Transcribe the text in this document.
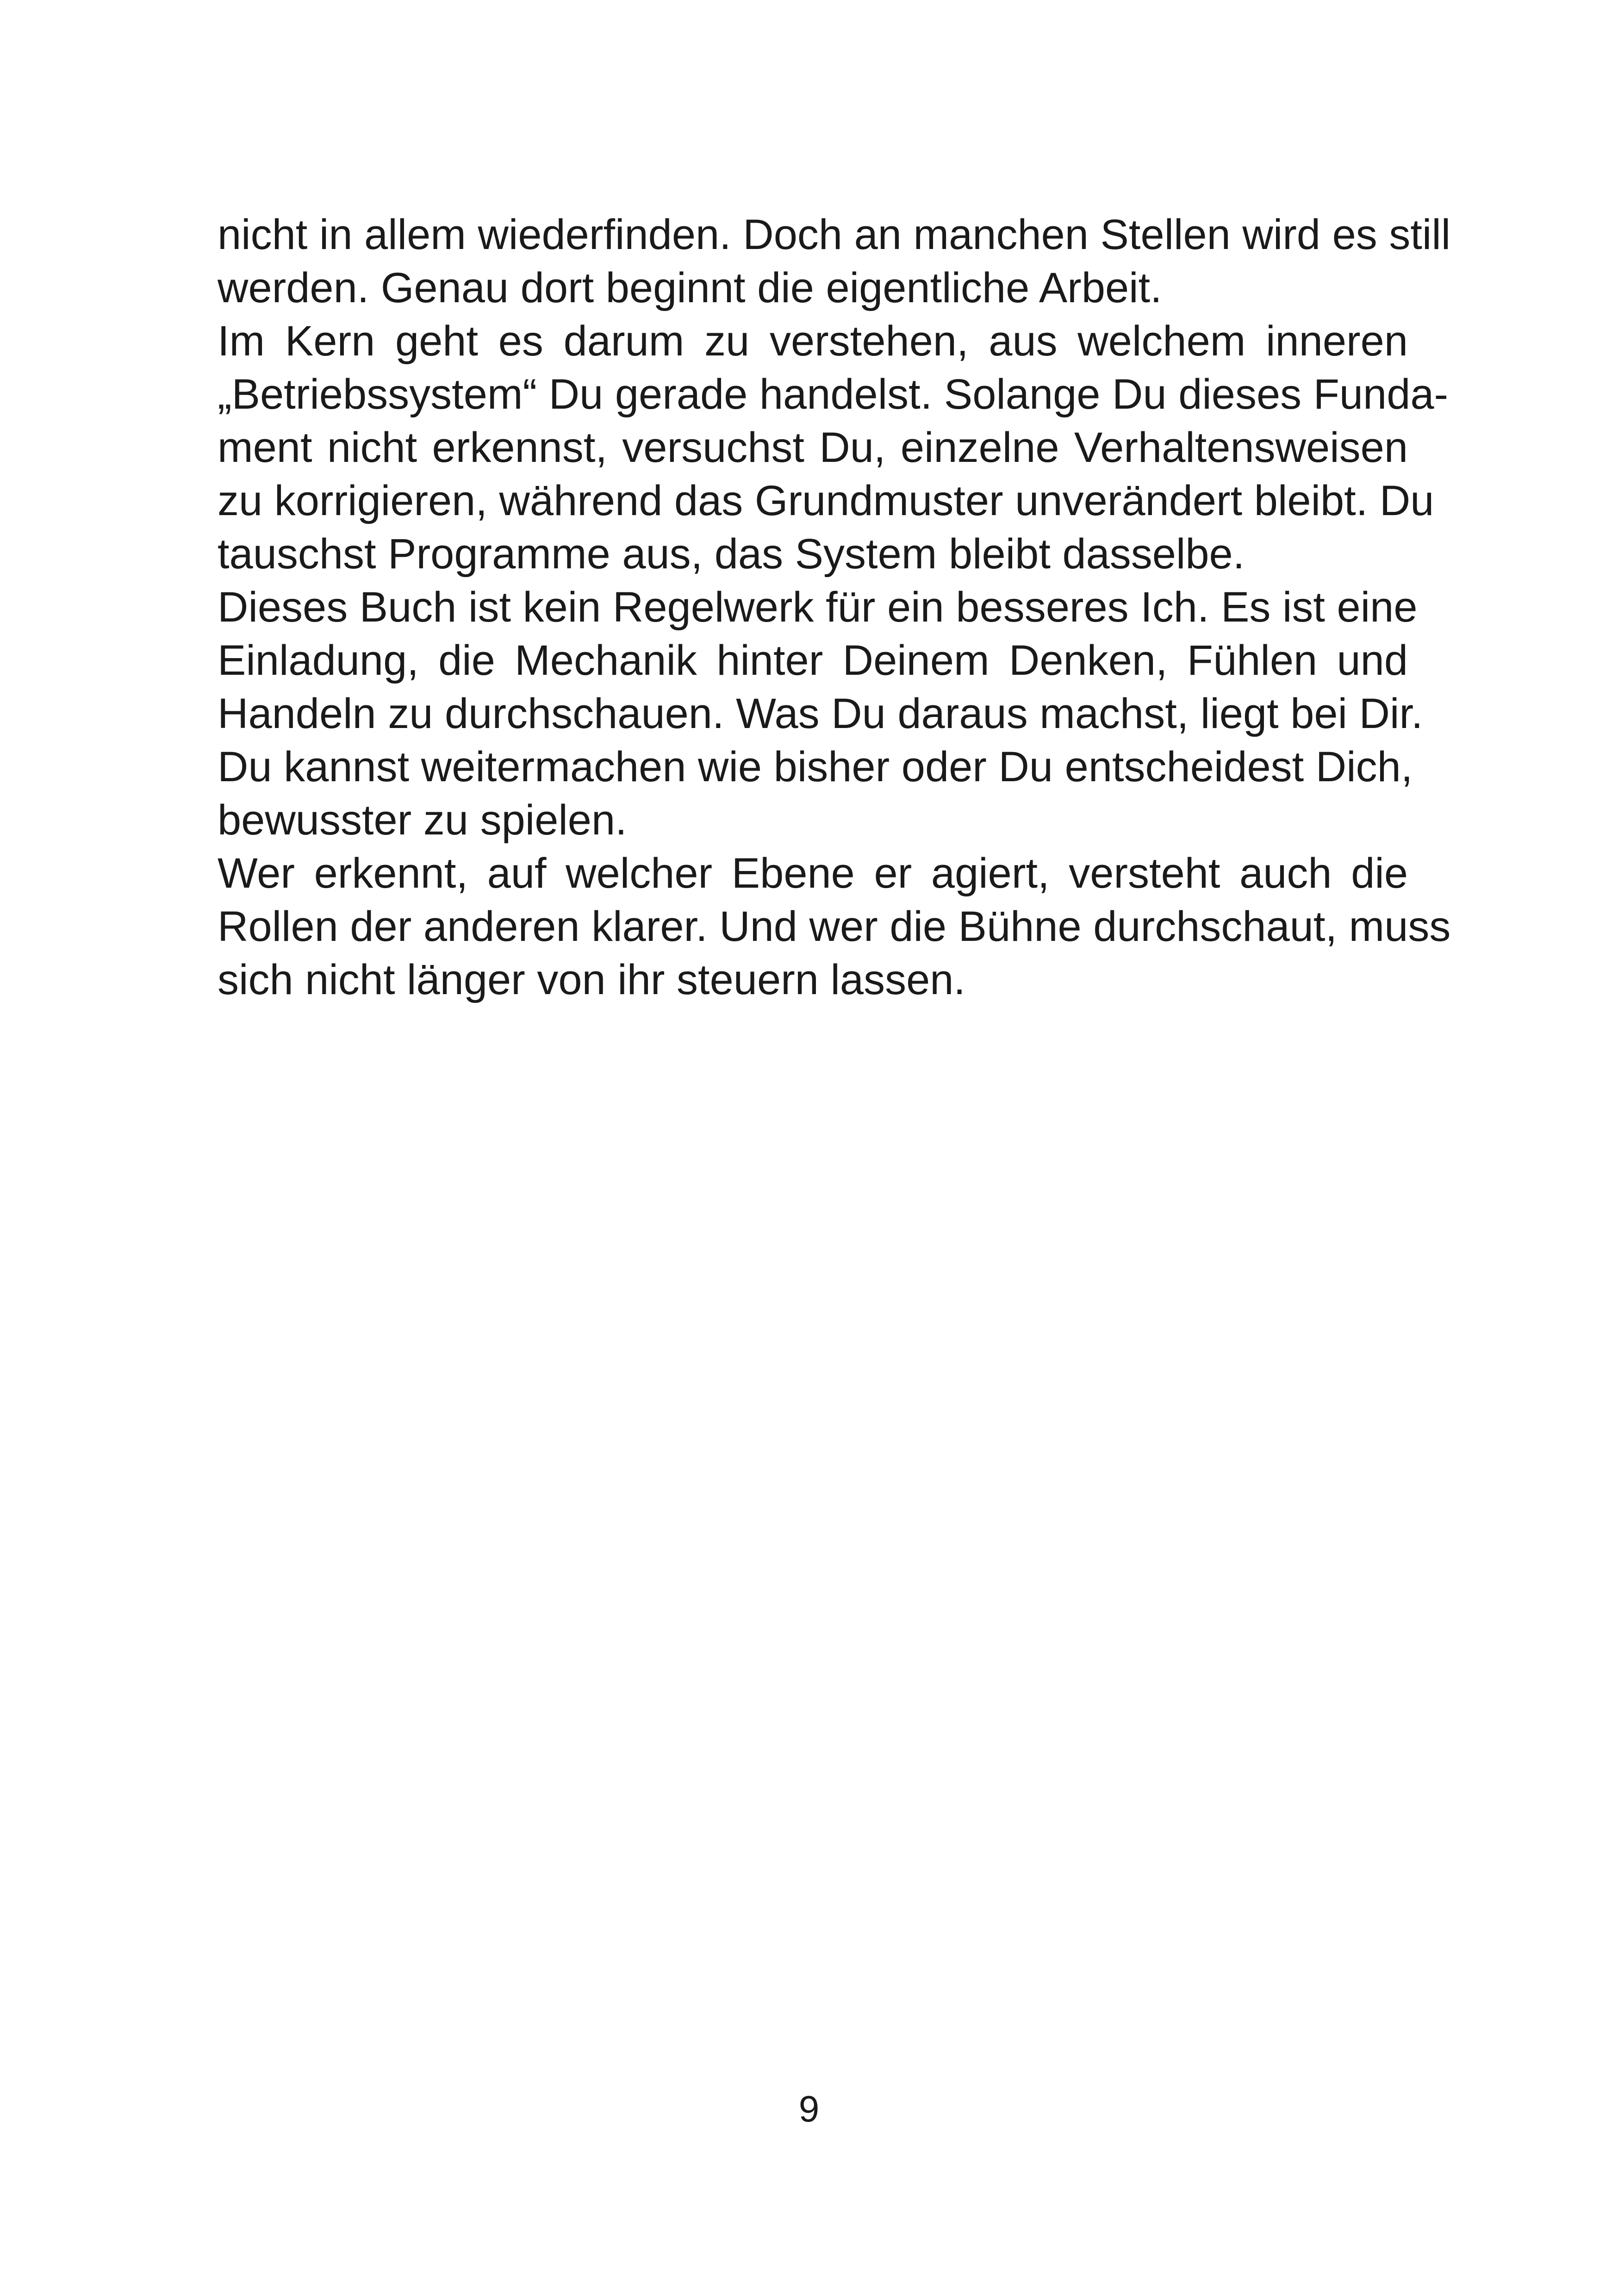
nicht in allem wiederfinden. Doch an manchen Stellen wird es still
werden. Genau dort beginnt die eigentliche Arbeit.
Im Kern geht es darum zu verstehen, aus welchem inneren
„Betriebssystem“ Du gerade handelst. Solange Du dieses Funda-
ment nicht erkennst, versuchst Du, einzelne Verhaltensweisen
zu korrigieren, während das Grundmuster unverändert bleibt. Du
tauschst Programme aus, das System bleibt dasselbe.
Dieses Buch ist kein Regelwerk für ein besseres Ich. Es ist eine
Einladung, die Mechanik hinter Deinem Denken, Fühlen und
Handeln zu durchschauen. Was Du daraus machst, liegt bei Dir.
Du kannst weitermachen wie bisher oder Du entscheidest Dich,
bewusster zu spielen.
Wer erkennt, auf welcher Ebene er agiert, versteht auch die
Rollen der anderen klarer. Und wer die Bühne durchschaut, muss
sich nicht länger von ihr steuern lassen.
9
